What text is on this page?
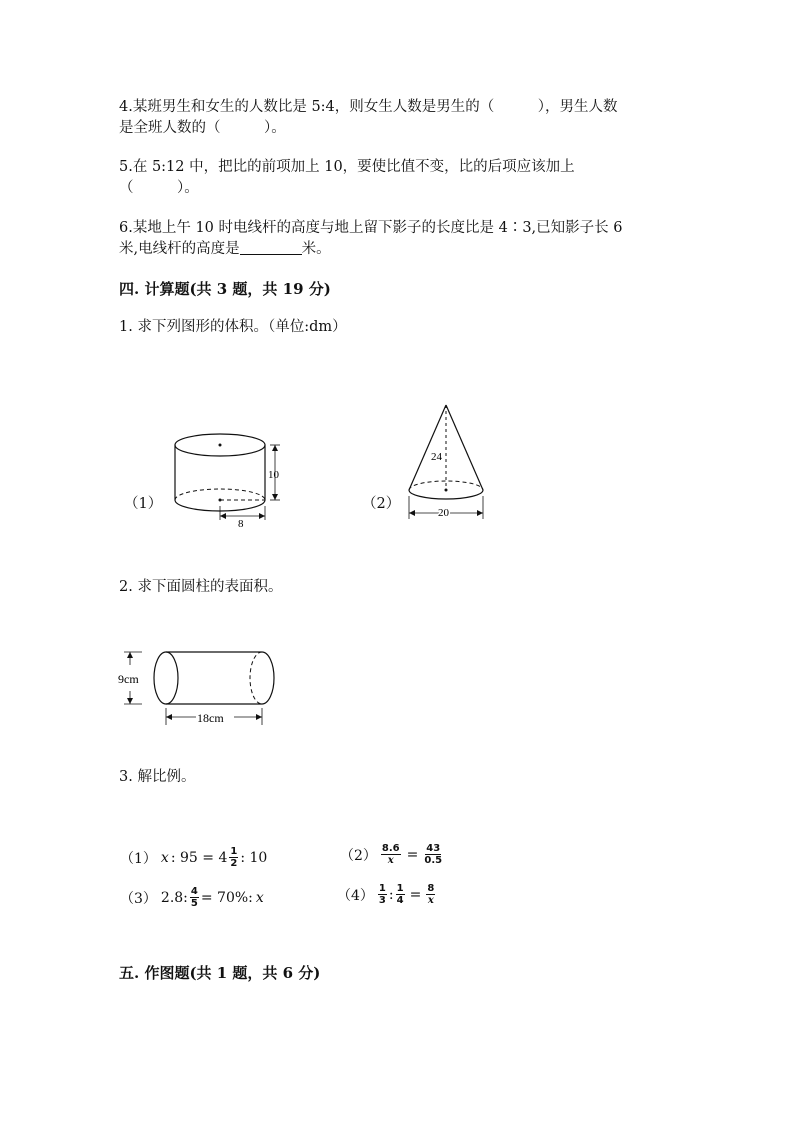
4.某班男生和女生的人数比是 5:4，则女生人数是男生的（　　　），男生人数
是全班人数的（　　　）。
5.在 5:12 中，把比的前项加上 10，要使比值不变，比的后项应该加上
（　　　）。
6.某地上午 10 时电线杆的高度与地上留下影子的长度比是 4∶3,已知影子长 6
米,电线杆的高度是	米。
四. 计算题(共 3 题，共 19 分)
1. 求下列图形的体积。（单位:dm）
（1）
10
8
（2）
24
20
2. 求下面圆柱的表面积。
9cm
18cm
3. 解比例。
（1） x : $95 = 4 \frac{1}{2}$ : 10	$(2) \frac{8.6}{x} = \frac{43}{0.5}$
（3） 2.8: $\frac{4}{5} = 70\%$: x	$(4) \frac{1}{3}$ : $\frac{1}{4} = \frac{8}{x}$
五. 作图题(共 1 题，共 6 分)
